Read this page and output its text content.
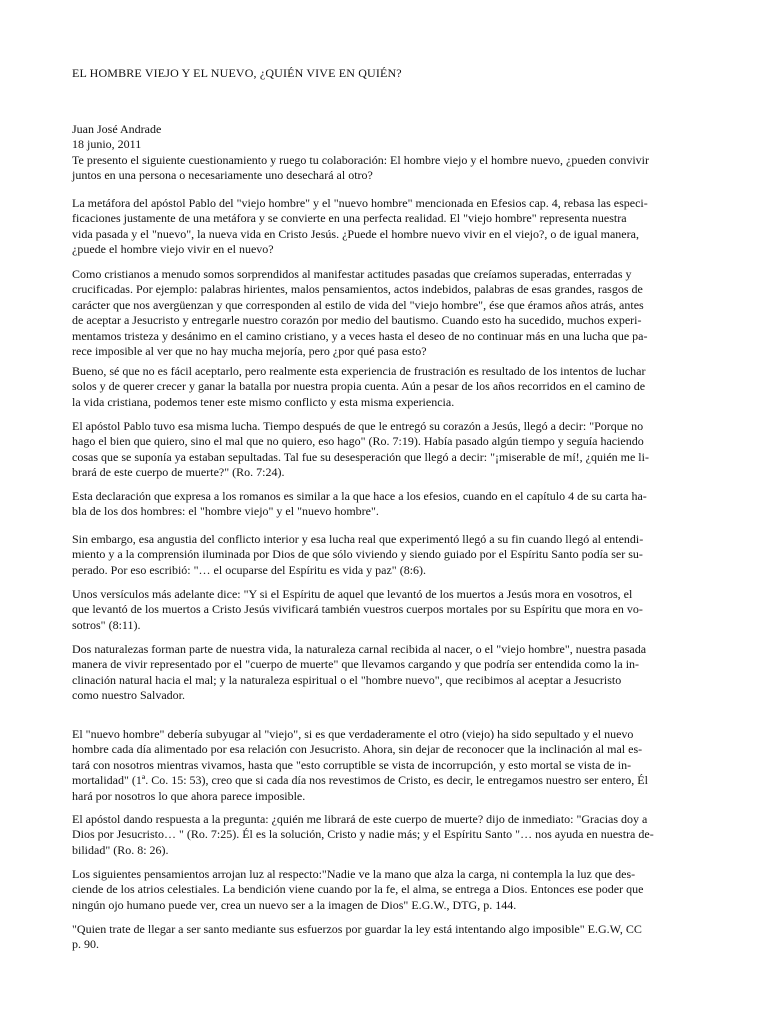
EL HOMBRE VIEJO Y EL NUEVO, ¿QUIÉN VIVE EN QUIÉN?
Juan José Andrade
18 junio, 2011

Te presento el siguiente cuestionamiento y ruego tu colaboración: El hombre viejo y el hombre nuevo, ¿pueden convivir
juntos en una persona o necesariamente uno desechará al otro?

La metáfora del apóstol Pablo del "viejo hombre" y el "nuevo hombre" mencionada en Efesios cap. 4, rebasa las especi-
ficaciones justamente de una metáfora y se convierte en una perfecta realidad. El "viejo hombre" representa nuestra
vida pasada y el "nuevo", la nueva vida en Cristo Jesús. ¿Puede el hombre nuevo vivir en el viejo?, o de igual manera,
¿puede el hombre viejo vivir en el nuevo?

Como cristianos a menudo somos sorprendidos al manifestar actitudes pasadas que creíamos superadas, enterradas y
crucificadas. Por ejemplo: palabras hirientes, malos pensamientos, actos indebidos, palabras de esas grandes, rasgos de
carácter que nos avergüenzan y que corresponden al estilo de vida del "viejo hombre", ése que éramos años atrás, antes
de aceptar a Jesucristo y entregarle nuestro corazón por medio del bautismo. Cuando esto ha sucedido, muchos experi-
mentamos tristeza y desánimo en el camino cristiano, y a veces hasta el deseo de no continuar más en una lucha que pa-
rece imposible al ver que no hay mucha mejoría, pero ¿por qué pasa esto?

Bueno, sé que no es fácil aceptarlo, pero realmente esta experiencia de frustración es resultado de los intentos de luchar
solos y de querer crecer y ganar la batalla por nuestra propia cuenta. Aún a pesar de los años recorridos en el camino de
la vida cristiana, podemos tener este mismo conflicto y esta misma experiencia.

El apóstol Pablo tuvo esa misma lucha. Tiempo después de que le entregó su corazón a Jesús, llegó a decir: "Porque no
hago el bien que quiero, sino el mal que no quiero, eso hago" (Ro. 7:19). Había pasado algún tiempo y seguía haciendo
cosas que se suponía ya estaban sepultadas. Tal fue su desesperación que llegó a decir: "¡miserable de mí!, ¿quién me li-
brará de este cuerpo de muerte?" (Ro. 7:24).

Esta declaración que expresa a los romanos es similar a la que hace a los efesios, cuando en el capítulo 4 de su carta ha-
bla de los dos hombres: el "hombre viejo" y el "nuevo hombre".

Sin embargo, esa angustia del conflicto interior y esa lucha real que experimentó llegó a su fin cuando llegó al entendi-
miento y a la comprensión iluminada por Dios de que sólo viviendo y siendo guiado por el Espíritu Santo podía ser su-
perado. Por eso escribió: "… el ocuparse del Espíritu es vida y paz" (8:6).

Unos versículos más adelante dice: "Y si el Espíritu de aquel que levantó de los muertos a Jesús mora en vosotros, el
que levantó de los muertos a Cristo Jesús vivificará también vuestros cuerpos mortales por su Espíritu que mora en vo-
sotros" (8:11).

Dos naturalezas forman parte de nuestra vida, la naturaleza carnal recibida al nacer, o el "viejo hombre", nuestra pasada
manera de vivir representado por el "cuerpo de muerte" que llevamos cargando y que podría ser entendida como la in-
clinación natural hacia el mal; y la naturaleza espiritual o el "hombre nuevo", que recibimos al aceptar a Jesucristo
como nuestro Salvador.

El "nuevo hombre" debería subyugar al "viejo", si es que verdaderamente el otro (viejo) ha sido sepultado y el nuevo
hombre cada día alimentado por esa relación con Jesucristo. Ahora, sin dejar de reconocer que la inclinación al mal es-
tará con nosotros mientras vivamos, hasta que "esto corruptible se vista de incorrupción, y esto mortal se vista de in-
mortalidad" (1ª. Co. 15: 53), creo que si cada día nos revestimos de Cristo, es decir, le entregamos nuestro ser entero, Él
hará por nosotros lo que ahora parece imposible.

El apóstol dando respuesta a la pregunta: ¿quién me librará de este cuerpo de muerte? dijo de inmediato: "Gracias doy a
Dios por Jesucristo… " (Ro. 7:25). Él es la solución, Cristo y nadie más; y el Espíritu Santo "… nos ayuda en nuestra de-
bilidad" (Ro. 8: 26).

Los siguientes pensamientos arrojan luz al respecto:"Nadie ve la mano que alza la carga, ni contempla la luz que des-
ciende de los atrios celestiales. La bendición viene cuando por la fe, el alma, se entrega a Dios. Entonces ese poder que
ningún ojo humano puede ver, crea un nuevo ser a la imagen de Dios" E.G.W., DTG, p. 144.

"Quien trate de llegar a ser santo mediante sus esfuerzos por guardar la ley está intentando algo imposible" E.G.W, CC
p. 90.
